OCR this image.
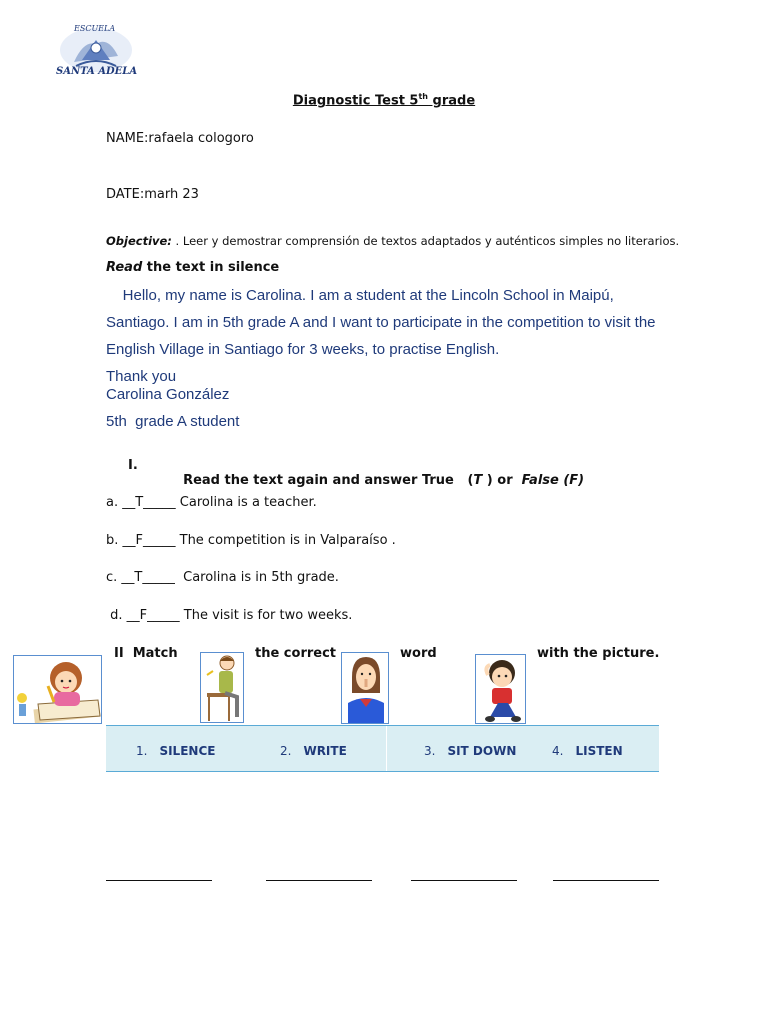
ESCUELA
SANTA ADELA
Diagnostic Test 5th grade
NAME:rafaela cologoro
DATE:marh 23
Objective: . Leer y demostrar comprensión de textos adaptados y auténticos simples no literarios.
Read the text in silence
Hello, my name is Carolina. I am a student at the Lincoln School in Maipú,
Santiago. I am in 5th grade A and I want to participate in the competition to visit the
English Village in Santiago for 3 weeks, to practise English.
Thank you
Carolina González
5th  grade A student
I.

Read the text again and answer True   (T ) or  False (F)

a. __T_____ Carolina is a teacher.
b. __F_____ The competition is in Valparaíso .
c. __T_____  Carolina is in 5th grade.
d. __F_____ The visit is for two weeks.
II  Match	the correct	word	with the picture.
1. SILENCE	2. WRITE	3. SIT DOWN	4. LISTEN
